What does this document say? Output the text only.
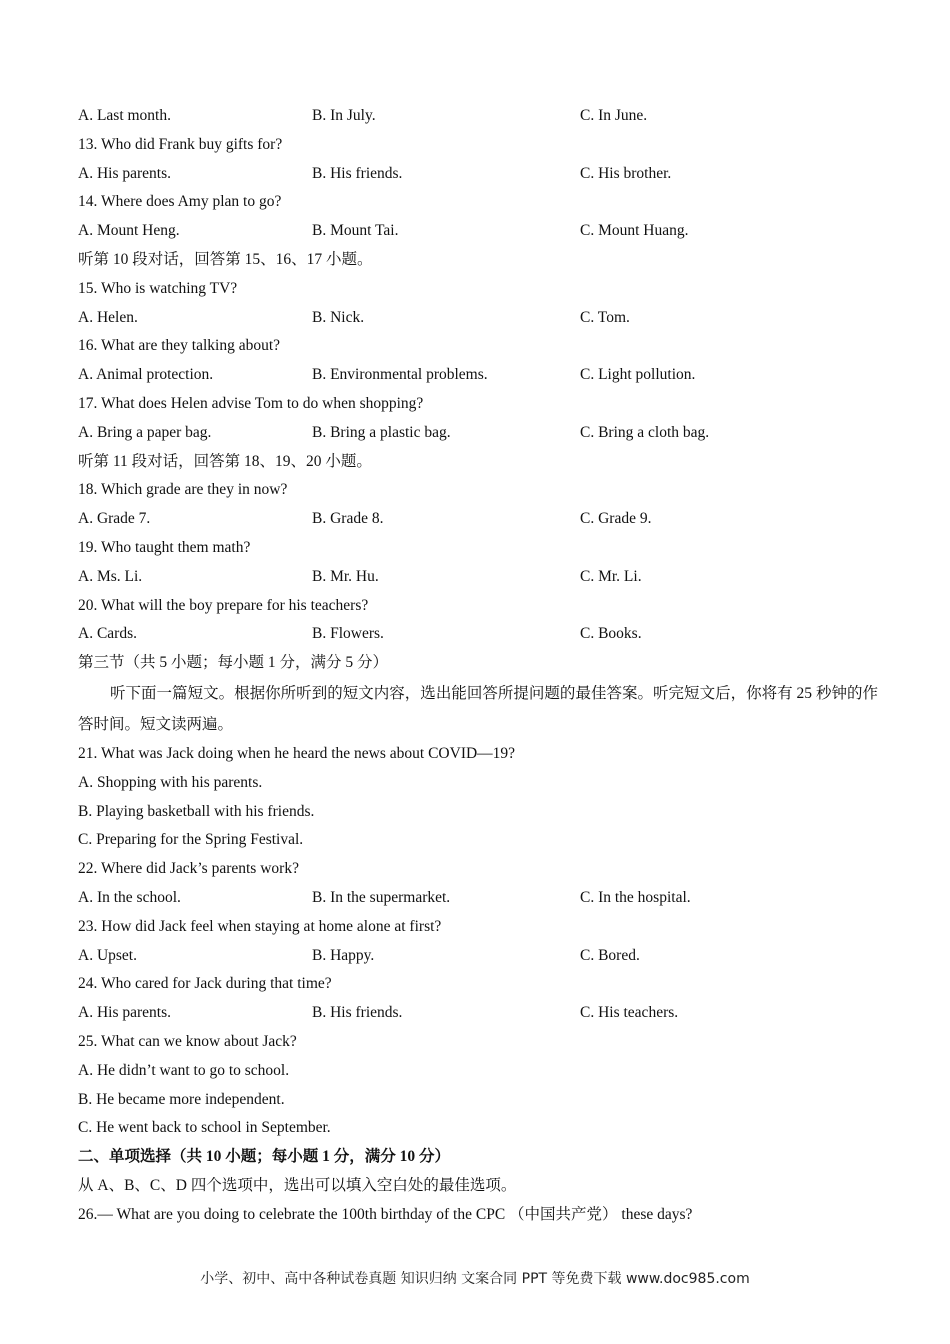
A. Last month.	B. In July.	C. In June.
13. Who did Frank buy gifts for?
A. His parents.	B. His friends.	C. His brother.
14. Where does Amy plan to go?
A. Mount Heng.	B. Mount Tai.	C. Mount Huang.
听第 10 段对话，回答第 15、16、17 小题。
15. Who is watching TV?
A. Helen.	B. Nick.	C. Tom.
16. What are they talking about?
A. Animal protection.	B. Environmental problems.	C. Light pollution.
17. What does Helen advise Tom to do when shopping?
A. Bring a paper bag.	B. Bring a plastic bag.	C. Bring a cloth bag.
听第 11 段对话，回答第 18、19、20 小题。
18. Which grade are they in now?
A. Grade 7.	B. Grade 8.	C. Grade 9.
19. Who taught them math?
A. Ms. Li.	B. Mr. Hu.	C. Mr. Li.
20. What will the boy prepare for his teachers?
A. Cards.	B. Flowers.	C. Books.
第三节（共 5 小题；每小题 1 分，满分 5 分）

听下面一篇短文。根据你所听到的短文内容，选出能回答所提问题的最佳答案。听完短文后，你将有 25 秒钟的作答时间。短文读两遍。

21. What was Jack doing when he heard the news about COVID—19?
A. Shopping with his parents.
B. Playing basketball with his friends.
C. Preparing for the Spring Festival.
22. Where did Jack’s parents work?
A. In the school.	B. In the supermarket.	C. In the hospital.
23. How did Jack feel when staying at home alone at first?
A. Upset.	B. Happy.	C. Bored.
24. Who cared for Jack during that time?
A. His parents.	B. His friends.	C. His teachers.
25. What can we know about Jack?
A. He didn’t want to go to school.
B. He became more independent.
C. He went back to school in September.
二、单项选择（共 10 小题；每小题 1 分，满分 10 分）
从 A、B、C、D 四个选项中，选出可以填入空白处的最佳选项。
26.— What are you doing to celebrate the 100th birthday of the CPC （中国共产党） these days?
小学、初中、高中各种试卷真题 知识归纳 文案合同 PPT 等免费下载 www.doc985.com
